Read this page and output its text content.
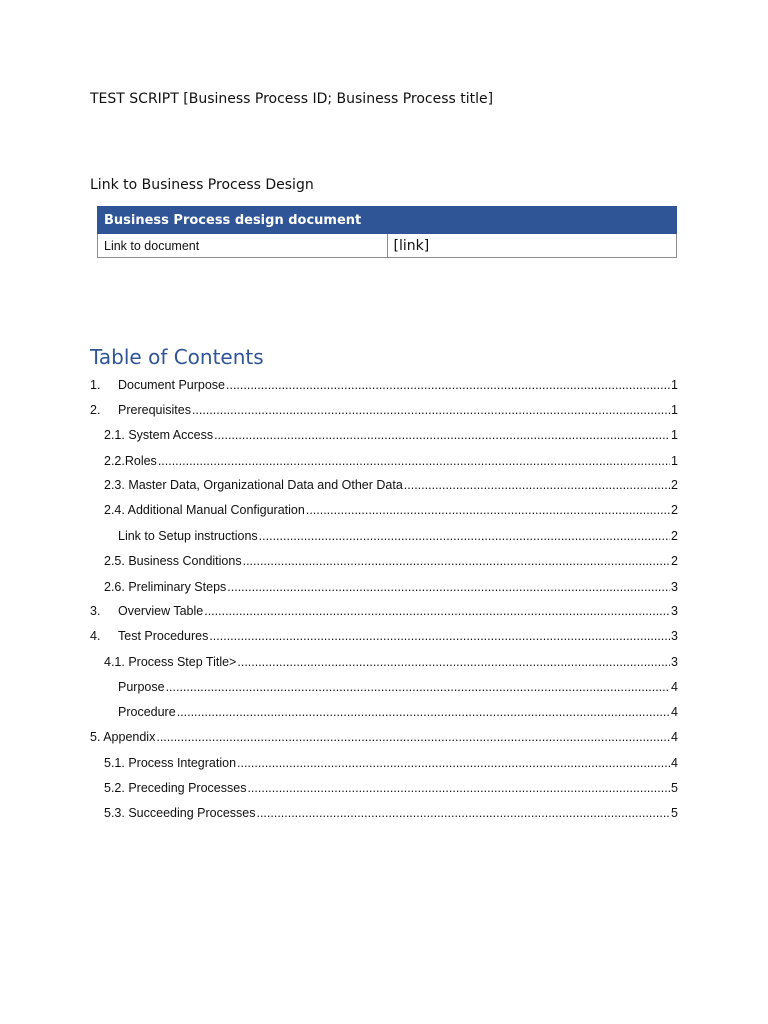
TEST SCRIPT [Business Process ID; Business Process title]
Link to Business Process Design
Business Process design document
Link to document	[link]
Table of Contents
1.	Document Purpose .....	1
2.	Prerequisites .....	1
2.1. System Access .....	1
2.2.Roles .....	1
2.3. Master Data, Organizational Data and Other Data .....	2
2.4. Additional Manual Configuration .....	2
Link to Setup instructions .....	2
2.5. Business Conditions .....	2
2.6. Preliminary Steps .....	3
3.	Overview Table .....	3
4.	Test Procedures .....	3
4.1. Process Step Title> .....	3
Purpose .....	4
Procedure .....	4
5. Appendix .....	4
5.1. Process Integration .....	4
5.2. Preceding Processes .....	5
5.3. Succeeding Processes .....	5
